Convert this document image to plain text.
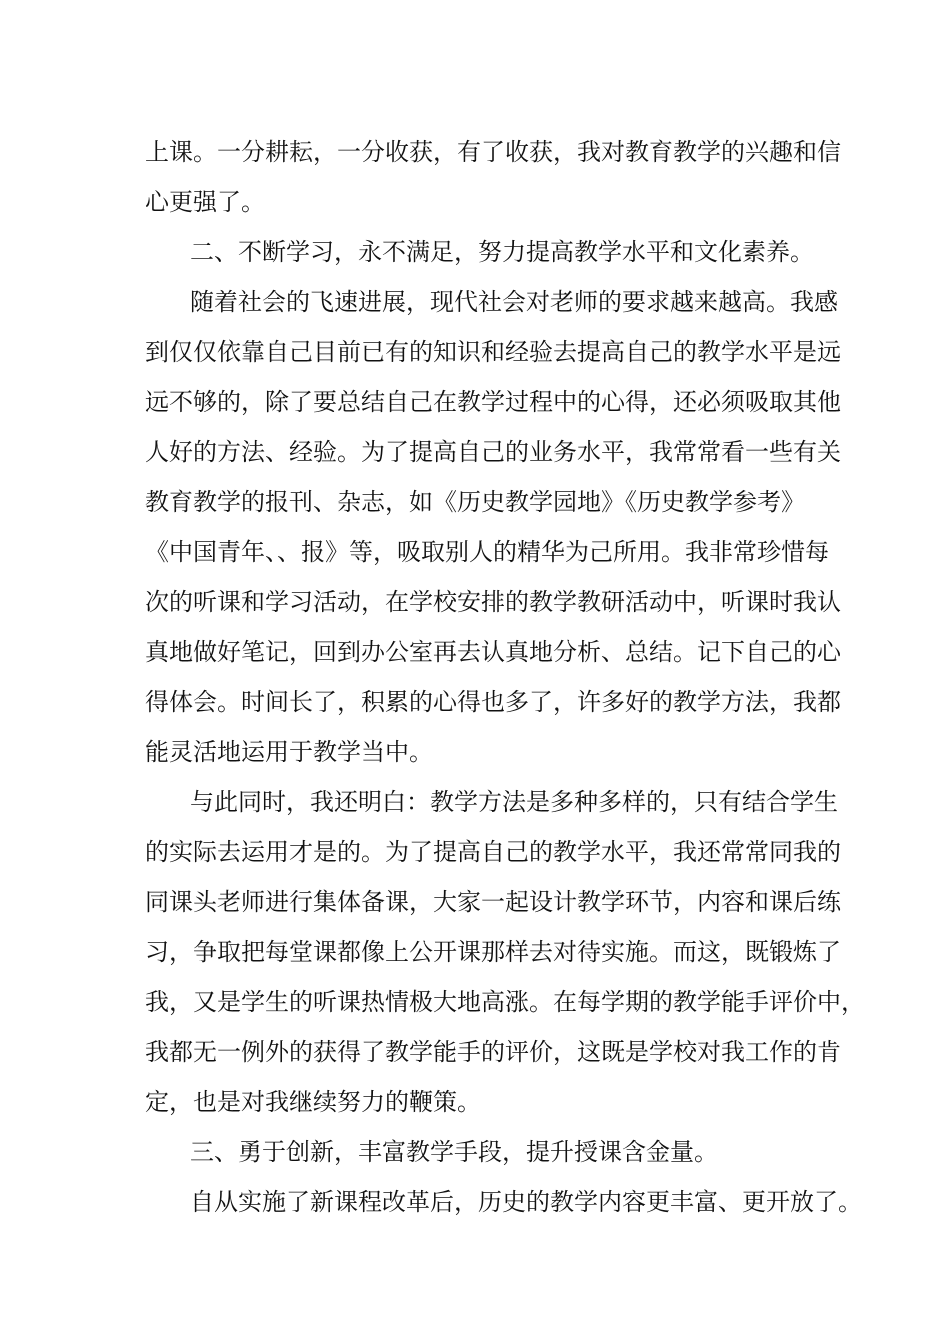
上课。一分耕耘，一分收获，有了收获，我对教育教学的兴趣和信

心更强了。

二、不断学习，永不满足，努力提高教学水平和文化素养。

随着社会的飞速进展，现代社会对老师的要求越来越高。我感

到仅仅依靠自己目前已有的知识和经验去提高自己的教学水平是远

远不够的，除了要总结自己在教学过程中的心得，还必须吸取其他

人好的方法、经验。为了提高自己的业务水平，我常常看一些有关

教育教学的报刊、杂志，如《历史教学园地》《历史教学参考》

《中国青年、、报》等，吸取别人的精华为己所用。我非常珍惜每

次的听课和学习活动，在学校安排的教学教研活动中，听课时我认

真地做好笔记，回到办公室再去认真地分析、总结。记下自己的心

得体会。时间长了，积累的心得也多了，许多好的教学方法，我都

能灵活地运用于教学当中。

与此同时，我还明白：教学方法是多种多样的，只有结合学生

的实际去运用才是的。为了提高自己的教学水平，我还常常同我的

同课头老师进行集体备课，大家一起设计教学环节，内容和课后练

习，争取把每堂课都像上公开课那样去对待实施。而这，既锻炼了

我，又是学生的听课热情极大地高涨。在每学期的教学能手评价中，

我都无一例外的获得了教学能手的评价，这既是学校对我工作的肯

定，也是对我继续努力的鞭策。

三、勇于创新，丰富教学手段，提升授课含金量。

自从实施了新课程改革后，历史的教学内容更丰富、更开放了。
